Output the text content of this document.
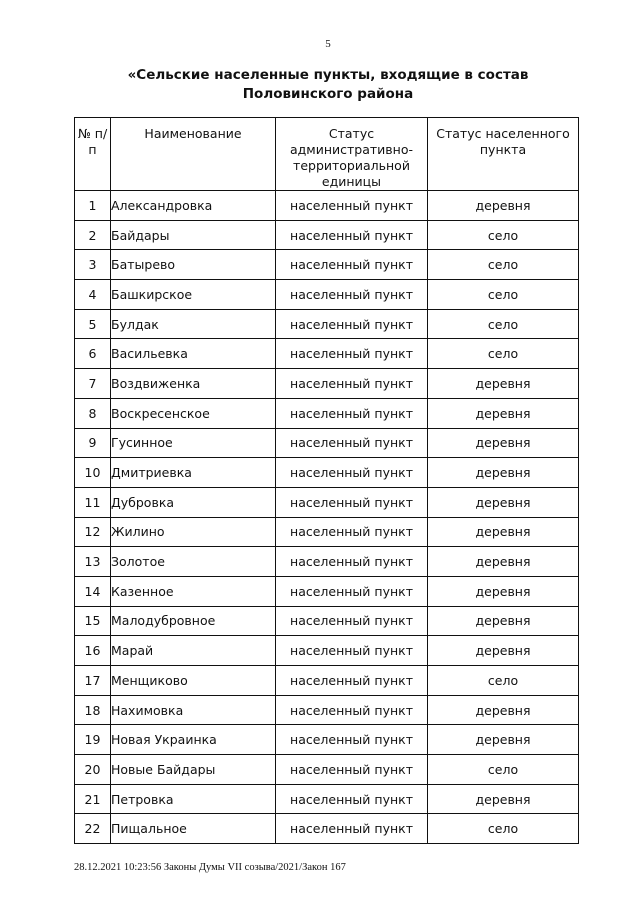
5
«Сельские населенные пункты, входящие в состав
Половинского района
№ п/п	Наименование	Статус административно-территориальной единицы	Статус населенного пункта
1	Александровка	населенный пункт	деревня
2	Байдары	населенный пункт	село
3	Батырево	населенный пункт	село
4	Башкирское	населенный пункт	село
5	Булдак	населенный пункт	село
6	Васильевка	населенный пункт	село
7	Воздвиженка	населенный пункт	деревня
8	Воскресенское	населенный пункт	деревня
9	Гусинное	населенный пункт	деревня
10	Дмитриевка	населенный пункт	деревня
11	Дубровка	населенный пункт	деревня
12	Жилино	населенный пункт	деревня
13	Золотое	населенный пункт	деревня
14	Казенное	населенный пункт	деревня
15	Малодубровное	населенный пункт	деревня
16	Марай	населенный пункт	деревня
17	Менщиково	населенный пункт	село
18	Нахимовка	населенный пункт	деревня
19	Новая Украинка	населенный пункт	деревня
20	Новые Байдары	населенный пункт	село
21	Петровка	населенный пункт	деревня
22	Пищальное	населенный пункт	село
28.12.2021 10:23:56 Законы Думы VII созыва/2021/Закон 167
